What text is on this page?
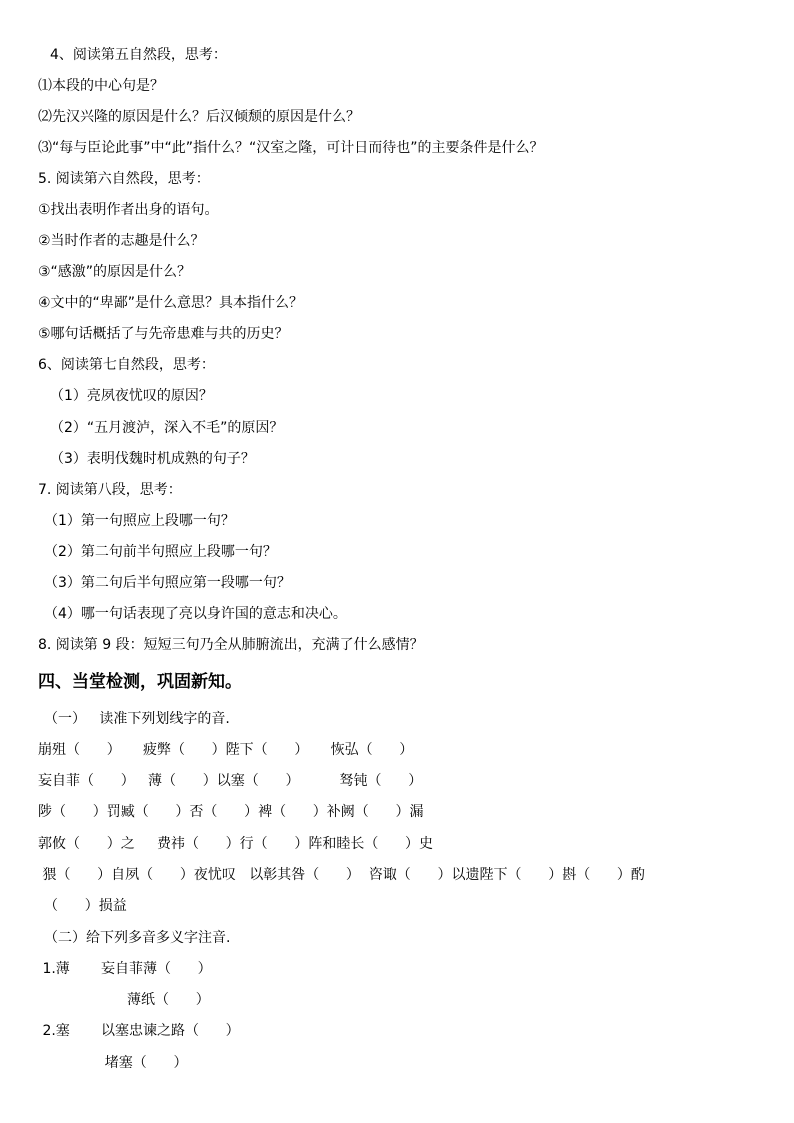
4、阅读第五自然段，思考：
⑴本段的中心句是？
⑵先汉兴隆的原因是什么？后汉倾颓的原因是什么？
⑶“每与臣论此事”中“此”指什么？“汉室之隆，可计日而待也”的主要条件是什么？
5. 阅读第六自然段，思考：
①找出表明作者出身的语句。
②当时作者的志趣是什么？
③“感激”的原因是什么？
④文中的“卑鄙”是什么意思？具本指什么？
⑤哪句话概括了与先帝患难与共的历史？
6、阅读第七自然段，思考：
（1）亮夙夜忧叹的原因？
（2）“五月渡泸，深入不毛”的原因？
（3）表明伐魏时机成熟的句子？
7. 阅读第八段，思考：
（1）第一句照应上段哪一句？
（2）第二句前半句照应上段哪一句？
（3）第二句后半句照应第一段哪一句？
（4）哪一句话表现了亮以身许国的意志和决心。
8. 阅读第 9 段：短短三句乃全从肺腑流出，充满了什么感情？
四、当堂检测，巩固新知。
（一）   读准下列划线字的音.
崩殂（      ）     疲弊（      ）陛下（      ）     恢弘（      ）
妄自菲（      ）   薄（      ）以塞（      ）         驽钝（      ）
陟（      ）罚臧（      ）否（      ）裨（      ）补阙（      ）漏
郭攸（      ）之     费祎（      ）行（      ）阵和睦长（      ）史
猥（      ）自夙（      ）夜忧叹   以彰其咎（      ）  咨诹（      ）以遗陛下（      ）斟（      ）酌
（      ）损益
（二）给下列多音多义字注音.
1.薄       妄自菲薄（      ）
薄纸（      ）
2.塞       以塞忠谏之路（      ）
堵塞（      ）
